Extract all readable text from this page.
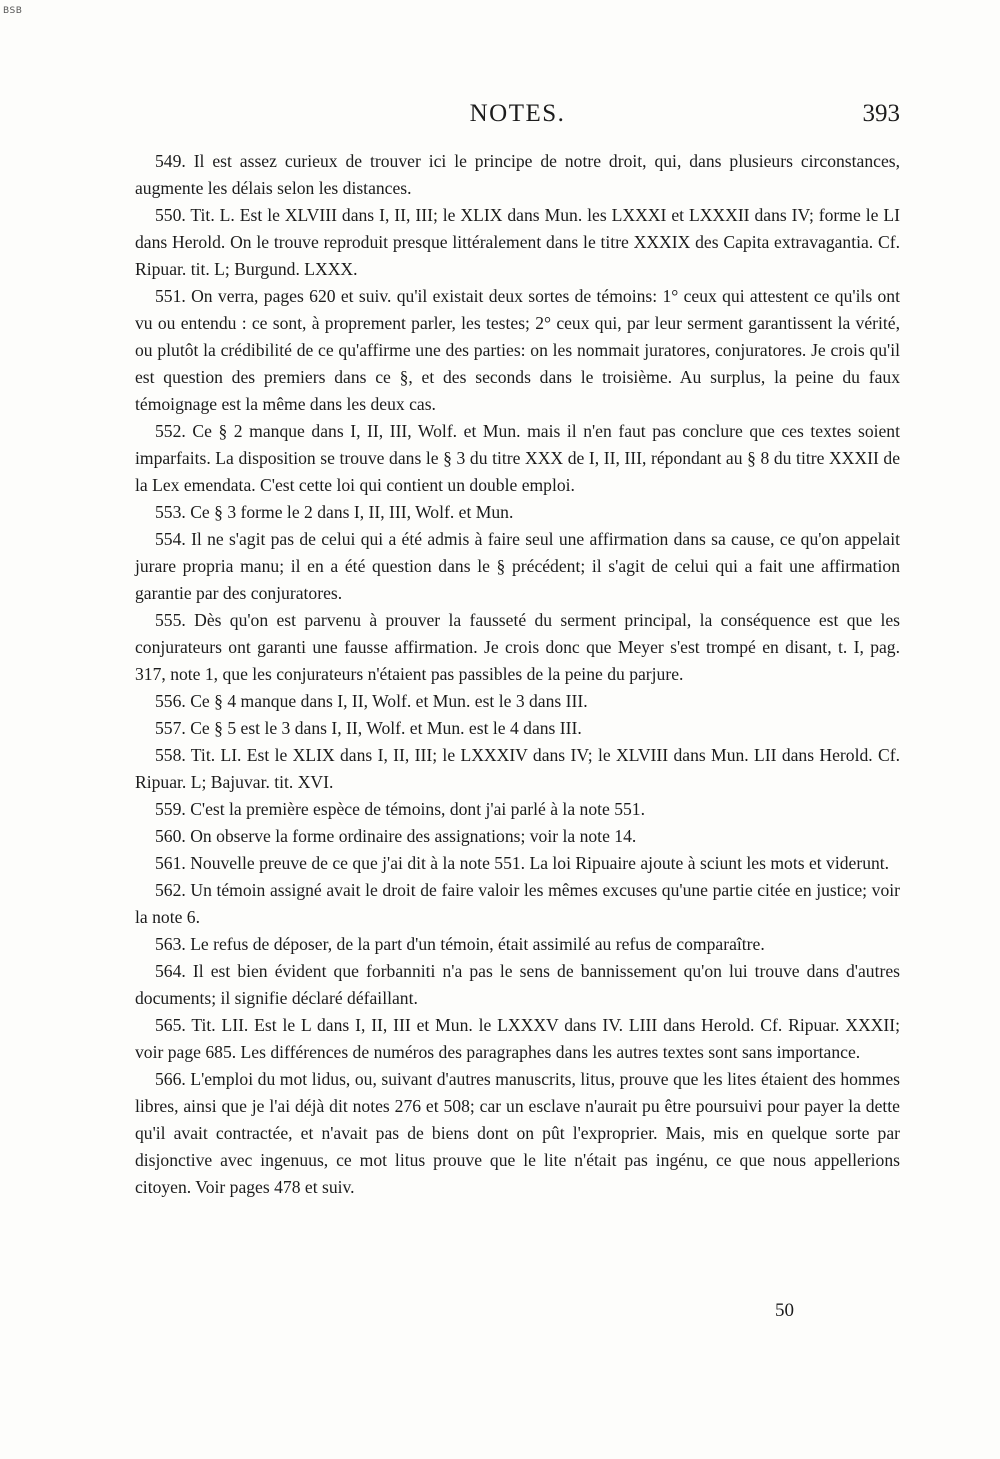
BSB
NOTES.	393

549. Il est assez curieux de trouver ici le principe de notre droit, qui, dans plusieurs circonstances, augmente les délais selon les distances.

550. Tit. L. Est le XLVIII dans I, II, III; le XLIX dans Mun. les LXXXI et LXXXII dans IV; forme le LI dans Herold. On le trouve reproduit presque littéralement dans le titre XXXIX des Capita extravagantia. Cf. Ripuar. tit. L; Burgund. LXXX.

551. On verra, pages 620 et suiv. qu'il existait deux sortes de témoins: 1° ceux qui attestent ce qu'ils ont vu ou entendu : ce sont, à proprement parler, les testes; 2° ceux qui, par leur serment garantissent la vérité, ou plutôt la crédibilité de ce qu'affirme une des parties: on les nommait juratores, conjuratores. Je crois qu'il est question des premiers dans ce §, et des seconds dans le troisième. Au surplus, la peine du faux témoignage est la même dans les deux cas.

552. Ce § 2 manque dans I, II, III, Wolf. et Mun. mais il n'en faut pas conclure que ces textes soient imparfaits. La disposition se trouve dans le § 3 du titre XXX de I, II, III, répondant au § 8 du titre XXXII de la Lex emendata. C'est cette loi qui contient un double emploi.

553. Ce § 3 forme le 2 dans I, II, III, Wolf. et Mun.

554. Il ne s'agit pas de celui qui a été admis à faire seul une affirmation dans sa cause, ce qu'on appelait jurare propria manu; il en a été question dans le § précédent; il s'agit de celui qui a fait une affirmation garantie par des conjuratores.

555. Dès qu'on est parvenu à prouver la fausseté du serment principal, la conséquence est que les conjurateurs ont garanti une fausse affirmation. Je crois donc que Meyer s'est trompé en disant, t. I, pag. 317, note 1, que les conjurateurs n'étaient pas passibles de la peine du parjure.

556. Ce § 4 manque dans I, II, Wolf. et Mun. est le 3 dans III.

557. Ce § 5 est le 3 dans I, II, Wolf. et Mun. est le 4 dans III.

558. Tit. LI. Est le XLIX dans I, II, III; le LXXXIV dans IV; le XLVIII dans Mun. LII dans Herold. Cf. Ripuar. L; Bajuvar. tit. XVI.

559. C'est la première espèce de témoins, dont j'ai parlé à la note 551.

560. On observe la forme ordinaire des assignations; voir la note 14.

561. Nouvelle preuve de ce que j'ai dit à la note 551. La loi Ripuaire ajoute à sciunt les mots et viderunt.

562. Un témoin assigné avait le droit de faire valoir les mêmes excuses qu'une partie citée en justice; voir la note 6.

563. Le refus de déposer, de la part d'un témoin, était assimilé au refus de comparaître.

564. Il est bien évident que forbanniti n'a pas le sens de bannissement qu'on lui trouve dans d'autres documents; il signifie déclaré défaillant.

565. Tit. LII. Est le L dans I, II, III et Mun. le LXXXV dans IV. LIII dans Herold. Cf. Ripuar. XXXII; voir page 685. Les différences de numéros des paragraphes dans les autres textes sont sans importance.

566. L'emploi du mot lidus, ou, suivant d'autres manuscrits, litus, prouve que les lites étaient des hommes libres, ainsi que je l'ai déjà dit notes 276 et 508; car un esclave n'aurait pu être poursuivi pour payer la dette qu'il avait contractée, et n'avait pas de biens dont on pût l'exproprier. Mais, mis en quelque sorte par disjonctive avec ingenuus, ce mot litus prouve que le lite n'était pas ingénu, ce que nous appellerions citoyen. Voir pages 478 et suiv.

50
